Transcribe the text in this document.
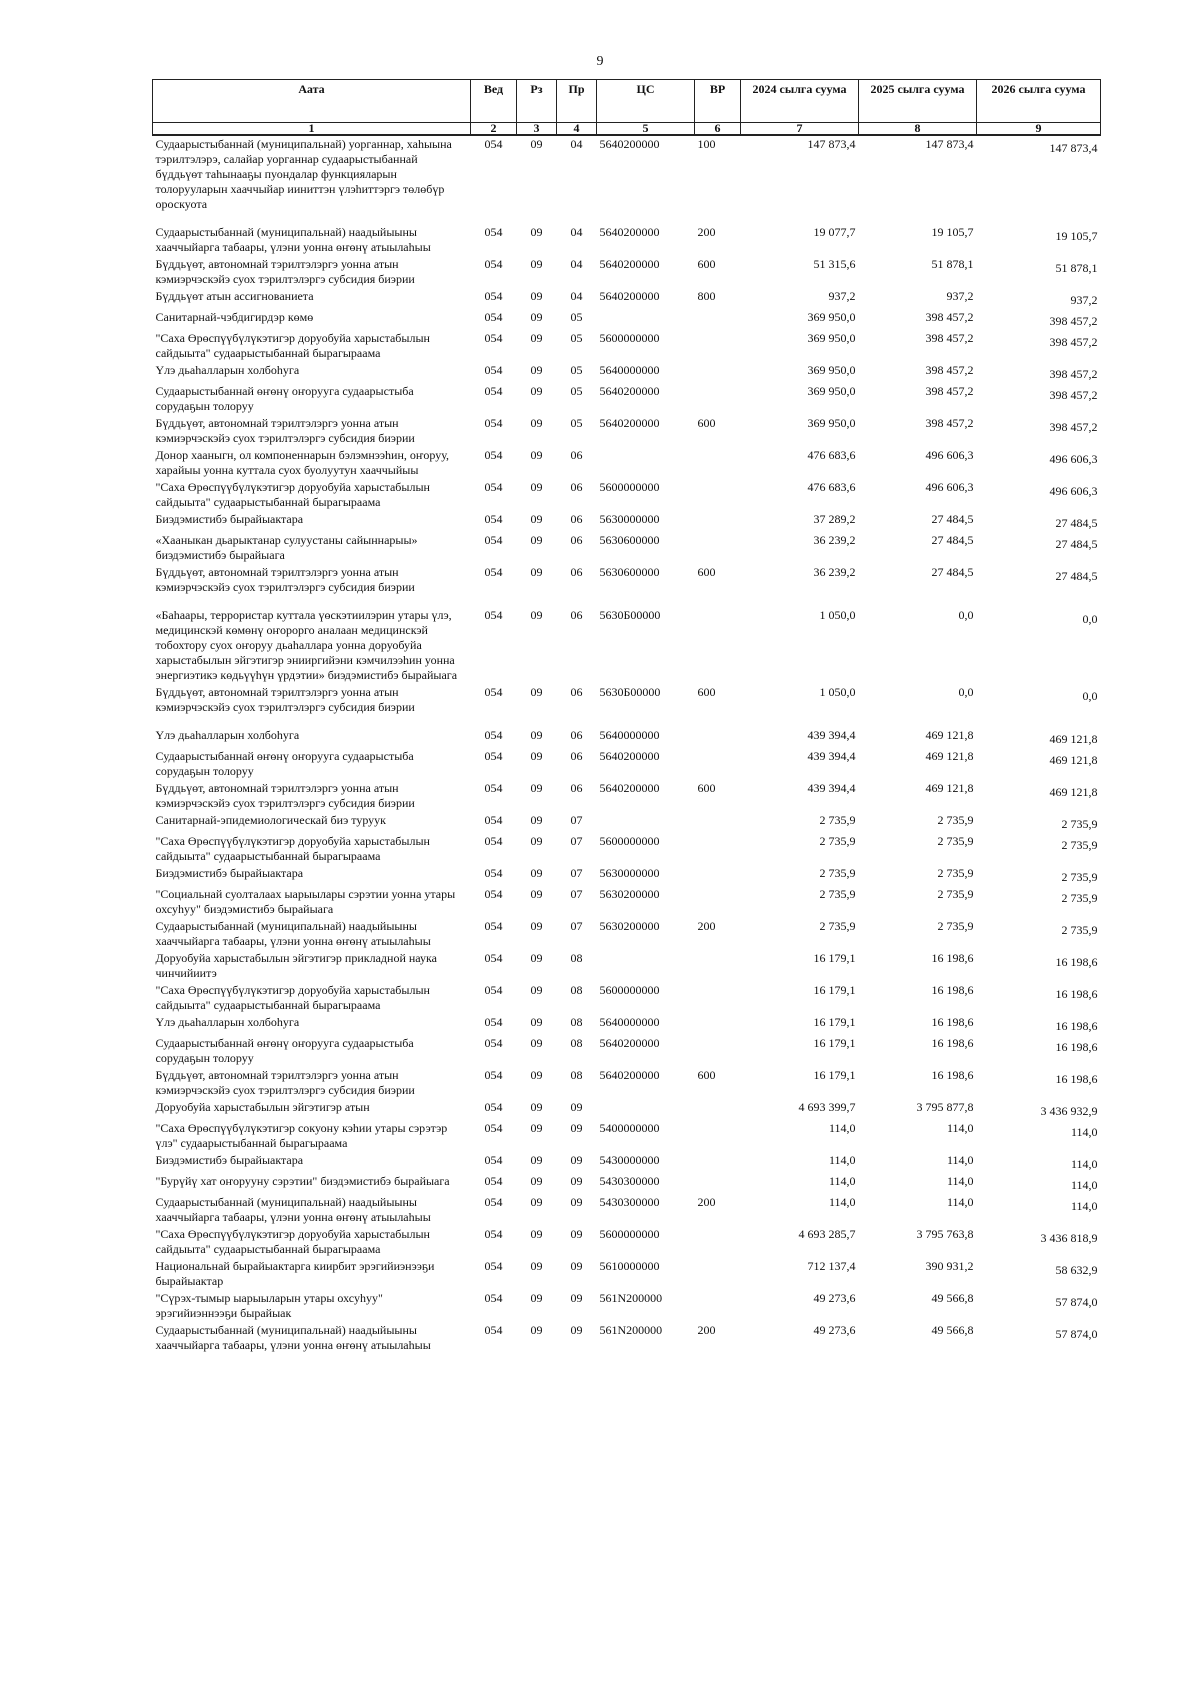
9
Аата	Вед	Рз	Пр	ЦС	ВР	2024 сылга суума	2025 сылга суума	2026 сылга суума
1	2	3	4	5	6	7	8	9
Судаарыстыбаннай (муниципальнай) уорганнар, хаһыына тэрилтэлэрэ, салайар уорганнар судаарыстыбаннай бүддьүөт таһынааҕы пуондалар функцияларын толорууларын хааччыйар ииниттэн үлэһиттэргэ төлөбүр ороскуота	054	09	04	5640200000	100	147 873,4	147 873,4	147 873,4
Судаарыстыбаннай (муниципальнай) наадыйыыны хааччыйарга табаары, үлэни уонна өҥөнү атыылаһыы	054	09	04	5640200000	200	19 077,7	19 105,7	19 105,7
Бүддьүөт, автономнай тэрилтэлэргэ уонна атын кэмиэрчэскэйэ суох тэрилтэлэргэ субсидия биэрии	054	09	04	5640200000	600	51 315,6	51 878,1	51 878,1
Бүддьүөт атын ассигнованиета	054	09	04	5640200000	800	937,2	937,2	937,2
Санитарнай-чэбдигирдэр көмө	054	09	05			369 950,0	398 457,2	398 457,2
"Саха Өрөспүүбүлүкэтигэр доруобуйа харыстабылын сайдыыта" судаарыстыбаннай бырагыраама	054	09	05	5600000000		369 950,0	398 457,2	398 457,2
Үлэ дьаһалларын холбоһуга	054	09	05	5640000000		369 950,0	398 457,2	398 457,2
Судаарыстыбаннай өҥөнү оҥорууга судаарыстыба сорудаҕын толоруу	054	09	05	5640200000		369 950,0	398 457,2	398 457,2
Бүддьүөт, автономнай тэрилтэлэргэ уонна атын кэмиэрчэскэйэ суох тэрилтэлэргэ субсидия биэрии	054	09	05	5640200000	600	369 950,0	398 457,2	398 457,2
Донор хааныгн, ол компоненнарын бэлэмнээһин, оҥоруу, харайыы уонна куттала суох буолуутун хааччыйыы	054	09	06			476 683,6	496 606,3	496 606,3
"Саха Өрөспүүбүлүкэтигэр доруобуйа харыстабылын сайдыыта" судаарыстыбаннай бырагыраама	054	09	06	5600000000		476 683,6	496 606,3	496 606,3
Биэдэмистибэ бырайыактара	054	09	06	5630000000		37 289,2	27 484,5	27 484,5
«Хааныкан дьарыктанар сулуустаны сайыннарыы» биэдэмистибэ бырайыага	054	09	06	5630600000		36 239,2	27 484,5	27 484,5
Бүддьүөт, автономнай тэрилтэлэргэ уонна атын кэмиэрчэскэйэ суох тэрилтэлэргэ субсидия биэрии	054	09	06	5630600000	600	36 239,2	27 484,5	27 484,5
«Баһаары, террористар куттала үөскэтиилэрин утары үлэ, медицинскэй көмөнү оҥорорго аналаан медицинскэй тобохтору суох оҥоруу дьаһаллара уонна доруобуйа харыстабылын эйгэтигэр энииргийэни кэмчилээһин уонна энергиэтикэ көдьүүһүн үрдэтии» биэдэмистибэ бырайыага	054	09	06	5630Б00000		1 050,0	0,0	0,0
Бүддьүөт, автономнай тэрилтэлэргэ уонна атын кэмиэрчэскэйэ суох тэрилтэлэргэ субсидия биэрии	054	09	06	5630Б00000	600	1 050,0	0,0	0,0
Үлэ дьаһалларын холбоһуга	054	09	06	5640000000		439 394,4	469 121,8	469 121,8
Судаарыстыбаннай өҥөнү оҥорууга судаарыстыба сорудаҕын толоруу	054	09	06	5640200000		439 394,4	469 121,8	469 121,8
Бүддьүөт, автономнай тэрилтэлэргэ уонна атын кэмиэрчэскэйэ суох тэрилтэлэргэ субсидия биэрии	054	09	06	5640200000	600	439 394,4	469 121,8	469 121,8
Санитарнай-эпидемиологическай биэ туруук	054	09	07			2 735,9	2 735,9	2 735,9
"Саха Өрөспүүбүлүкэтигэр доруобуйа харыстабылын сайдыыта" судаарыстыбаннай бырагыраама	054	09	07	5600000000		2 735,9	2 735,9	2 735,9
Биэдэмистибэ бырайыактара	054	09	07	5630000000		2 735,9	2 735,9	2 735,9
"Социальнай суолталаах ыарыылары сэрэтии уонна утары охсуһуу" биэдэмистибэ бырайыага	054	09	07	5630200000		2 735,9	2 735,9	2 735,9
Судаарыстыбаннай (муниципальнай) наадыйыыны хааччыйарга табаары, үлэни уонна өҥөнү атыылаһыы	054	09	07	5630200000	200	2 735,9	2 735,9	2 735,9
Доруобуйа харыстабылын эйгэтигэр прикладной наука чинчийиитэ	054	09	08			16 179,1	16 198,6	16 198,6
"Саха Өрөспүүбүлүкэтигэр доруобуйа харыстабылын сайдыыта" судаарыстыбаннай бырагыраама	054	09	08	5600000000		16 179,1	16 198,6	16 198,6
Үлэ дьаһалларын холбоһуга	054	09	08	5640000000		16 179,1	16 198,6	16 198,6
Судаарыстыбаннай өҥөнү оҥорууга судаарыстыба сорудаҕын толоруу	054	09	08	5640200000		16 179,1	16 198,6	16 198,6
Бүддьүөт, автономнай тэрилтэлэргэ уонна атын кэмиэрчэскэйэ суох тэрилтэлэргэ субсидия биэрии	054	09	08	5640200000	600	16 179,1	16 198,6	16 198,6
Доруобуйа харыстабылын эйгэтигэр атын	054	09	09			4 693 399,7	3 795 877,8	3 436 932,9
"Саха Өрөспүүбүлүкэтигэр сокуону кэһии утары сэрэтэр үлэ" судаарыстыбаннай бырагыраама	054	09	09	5400000000		114,0	114,0	114,0
Биэдэмистибэ бырайыактара	054	09	09	5430000000		114,0	114,0	114,0
"Бурүйү хат оҥорууну сэрэтии" биэдэмистибэ бырайыага	054	09	09	5430300000		114,0	114,0	114,0
Судаарыстыбаннай (муниципальнай) наадыйыыны хааччыйарга табаары, үлэни уонна өҥөнү атыылаһыы	054	09	09	5430300000	200	114,0	114,0	114,0
"Саха Өрөспүүбүлүкэтигэр доруобуйа харыстабылын сайдыыта" судаарыстыбаннай бырагыраама	054	09	09	5600000000		4 693 285,7	3 795 763,8	3 436 818,9
Национальнай бырайыактарга киирбит эрэгийиэнээҕи бырайыактар	054	09	09	5610000000		712 137,4	390 931,2	58 632,9
"Сүрэх-тымыр ыарыыларын утары охсуһуу" эрэгийиэннээҕи бырайыак	054	09	09	561N200000		49 273,6	49 566,8	57 874,0
Судаарыстыбаннай (муниципальнай) наадыйыыны хааччыйарга табаары, үлэни уонна өҥөнү атыылаһыы	054	09	09	561N200000	200	49 273,6	49 566,8	57 874,0
